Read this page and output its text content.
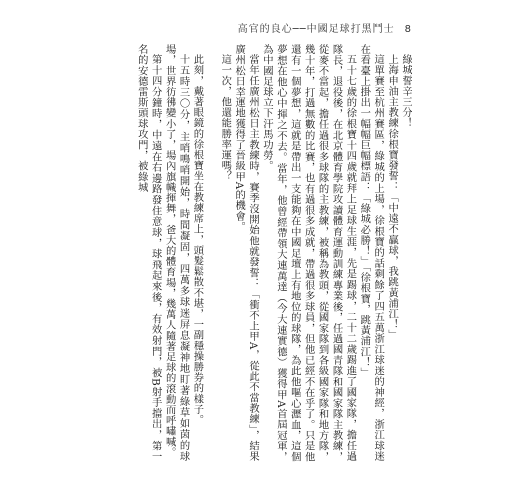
高官的良心──中國足球打黑鬥士 8

綠城誓辛三分！

上海申油主教練徐根寶發誓：「中遠不贏球，我跳黃浦江！」

這單賽至杭州賽區，綠城的上場，徐根寶的話剩餘了四五萬浙江球迷的神經，浙江球迷在看臺上掛出一幅幅巨幅標語：「綠城必勝！」「徐根寶，跳黃浦江！」

五十七歲的徐根寶十四歲就拜上足球生涯，先是踢球，二十二歲踢進了國家隊，擔任過隊長，退役後，在北京體育學院攻讀體育運動訓練專業後，任過國青隊和國家隊主教練，從麥不當起，擔任過很多球隊的主教練，被稱為教頭，從國家隊到各級國家隊和地方隊，幾十年，打過無數的比賽，也有過很多成就，帶過很多球員，但他已經不在乎了。只是他還有一個夢想，這就是帶出一支能夠在中國足壇上有地位的球隊，為此他嘔心瀝血，這個夢想在他心中揮之不去。當年，他曾經帶領大連萬達（今大連實德）獲得甲A首屆冠軍，為中國足球立下汗馬功勞。

當年任廣州松日主教練時，賽季沒開始他就發誓：「衝不上甲A，從此不當教練」，結果廣州松日幸運地獲得了晉級甲A的機會。

這一次，他還能勝率運嗎？

此刻，戴著眼鏡的徐根寶坐在教練席上，頭髮鬆散不堪，一副穩操勝券的樣子。

十五時三〇分，主哨鳴哨開始，時間凝固，四萬多球迷屏息凝神地盯著綠草如茵的球場，世界彷彿變小了，場內旗幟揮舞，爸大的體育場，幾萬人隨著足球的滾動而呼嘯喊。

第十四分鐘時，中遠在右邊路發住意球，球飛起來後，有效射門，被B射手擋出，第一名的安德雷斯頭球攻門，被綠城
